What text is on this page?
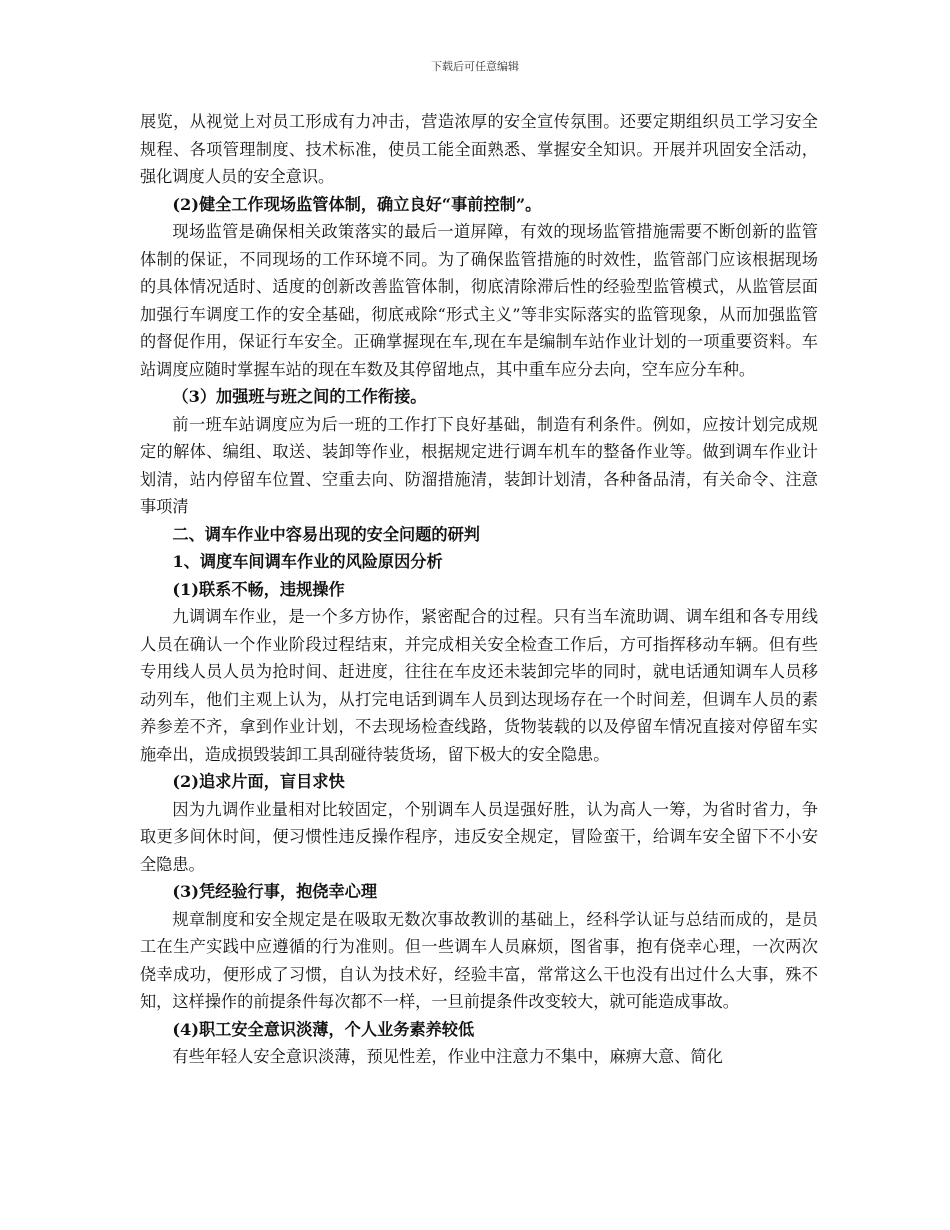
下载后可任意编辑

展览，从视觉上对员工形成有力冲击，营造浓厚的安全宣传氛围。还要定期组织员工学习安全规程、各项管理制度、技术标准，使员工能全面熟悉、掌握安全知识。开展并巩固安全活动，强化调度人员的安全意识。

(2)健全工作现场监管体制，确立良好“事前控制”。

现场监管是确保相关政策落实的最后一道屏障，有效的现场监管措施需要不断创新的监管体制的保证，不同现场的工作环境不同。为了确保监管措施的时效性，监管部门应该根据现场的具体情况适时、适度的创新改善监管体制，彻底清除滞后性的经验型监管模式，从监管层面加强行车调度工作的安全基础，彻底戒除“形式主义”等非实际落实的监管现象，从而加强监管的督促作用，保证行车安全。正确掌握现在车,现在车是编制车站作业计划的一项重要资料。车站调度应随时掌握车站的现在车数及其停留地点，其中重车应分去向，空车应分车种。

（3）加强班与班之间的工作衔接。

前一班车站调度应为后一班的工作打下良好基础，制造有利条件。例如，应按计划完成规定的解体、编组、取送、装卸等作业，根据规定进行调车机车的整备作业等。做到调车作业计划清，站内停留车位置、空重去向、防溜措施清，装卸计划清，各种备品清，有关命令、注意事项清

二、调车作业中容易出现的安全问题的研判

1、调度车间调车作业的风险原因分析

(1)联系不畅，违规操作

九调调车作业，是一个多方协作，紧密配合的过程。只有当车流助调、调车组和各专用线人员在确认一个作业阶段过程结束，并完成相关安全检查工作后，方可指挥移动车辆。但有些专用线人员人员为抢时间、赶进度，往往在车皮还未装卸完毕的同时，就电话通知调车人员移动列车，他们主观上认为，从打完电话到调车人员到达现场存在一个时间差，但调车人员的素养参差不齐，拿到作业计划，不去现场检查线路，货物装载的以及停留车情况直接对停留车实施牵出，造成损毁装卸工具刮碰待装货场，留下极大的安全隐患。

(2)追求片面，盲目求快

因为九调作业量相对比较固定，个别调车人员逞强好胜，认为高人一筹，为省时省力，争取更多间休时间，便习惯性违反操作程序，违反安全规定，冒险蛮干，给调车安全留下不小安全隐患。

(3)凭经验行事，抱侥幸心理

规章制度和安全规定是在吸取无数次事故教训的基础上，经科学认证与总结而成的，是员工在生产实践中应遵循的行为准则。但一些调车人员麻烦，图省事，抱有侥幸心理，一次两次侥幸成功，便形成了习惯，自认为技术好，经验丰富，常常这么干也没有出过什么大事，殊不知，这样操作的前提条件每次都不一样，一旦前提条件改变较大，就可能造成事故。

(4)职工安全意识淡薄，个人业务素养较低

有些年轻人安全意识淡薄，预见性差，作业中注意力不集中，麻痹大意、简化
